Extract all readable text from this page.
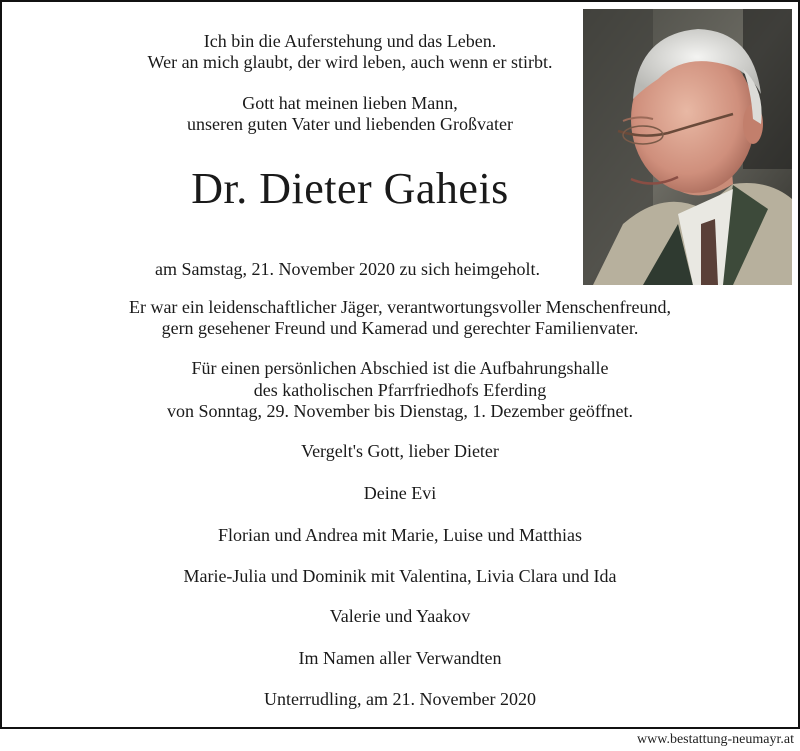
Ich bin die Auferstehung und das Leben.
Wer an mich glaubt, der wird leben, auch wenn er stirbt.
Gott hat meinen lieben Mann,
unseren guten Vater und liebenden Großvater
Dr. Dieter Gaheis
am Samstag, 21. November 2020 zu sich heimgeholt.
Er war ein leidenschaftlicher Jäger, verantwortungsvoller Menschenfreund,
gern gesehener Freund und Kamerad und gerechter Familienvater.
Für einen persönlichen Abschied ist die Aufbahrungshalle
des katholischen Pfarrfriedhofs Eferding
von Sonntag, 29. November bis Dienstag, 1. Dezember geöffnet.
Vergelt's Gott, lieber Dieter
Deine Evi
Florian und Andrea mit Marie, Luise und Matthias
Marie-Julia und Dominik mit Valentina, Livia Clara und Ida
Valerie und Yaakov
Im Namen aller Verwandten
Unterrudling, am 21. November 2020
www.bestattung-neumayr.at
